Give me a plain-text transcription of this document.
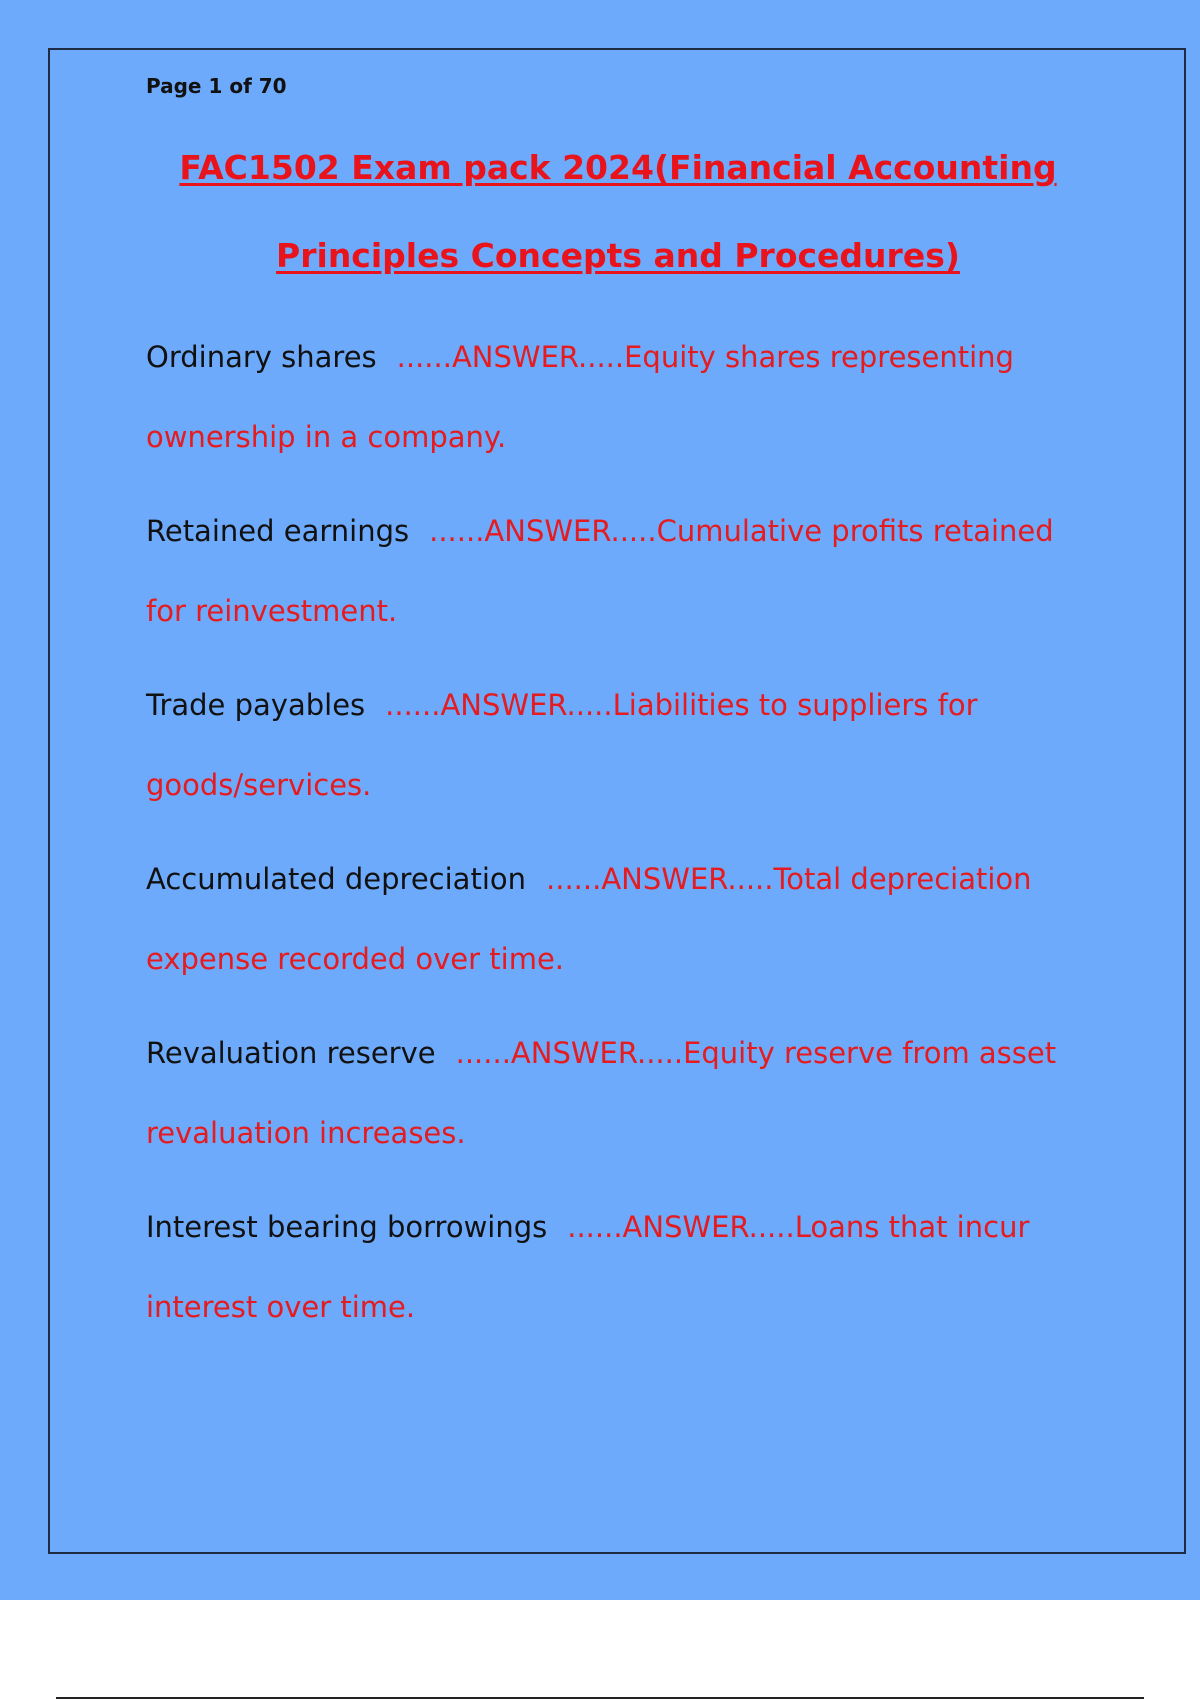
Page 1 of 70
FAC1502 Exam pack 2024(Financial Accounting
Principles Concepts and Procedures)
Ordinary shares ......ANSWER.....Equity shares representing
ownership in a company.
Retained earnings ......ANSWER.....Cumulative profits retained
for reinvestment.
Trade payables ......ANSWER.....Liabilities to suppliers for
goods/services.
Accumulated depreciation ......ANSWER.....Total depreciation
expense recorded over time.
Revaluation reserve ......ANSWER.....Equity reserve from asset
revaluation increases.
Interest bearing borrowings ......ANSWER.....Loans that incur
interest over time.
